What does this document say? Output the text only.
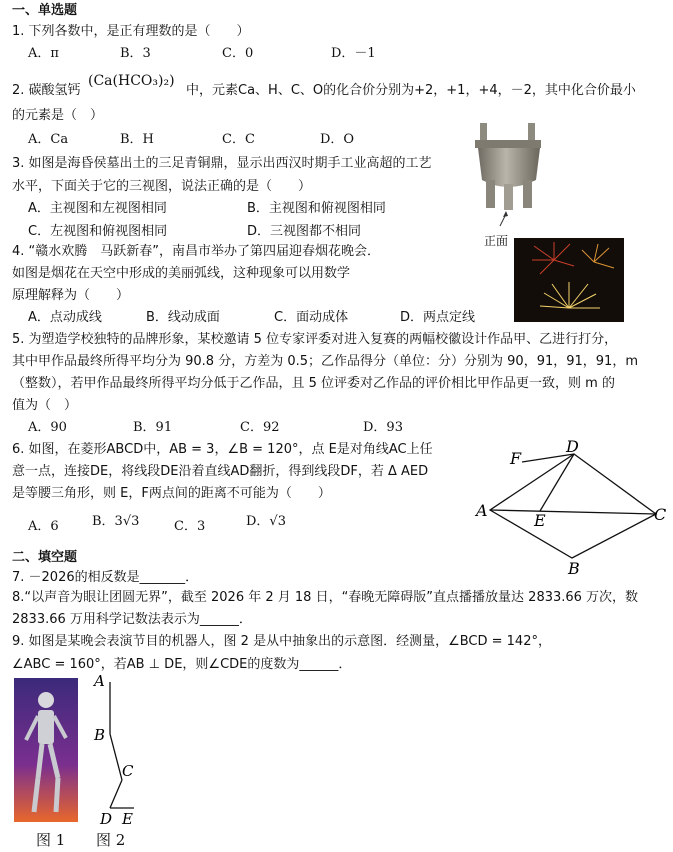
一、单选题
1. 下列各数中，是正有理数的是（　　）
A．π	B．3	C．0	D．－1
2. 碳酸氢钙
(Ca(HCO₃)₂)
中，元素Ca、H、C、O的化合价分别为+2，+1，+4，－2，其中化合价最小
的元素是（　）
A．Ca	B．H	C．C	D．O
3. 如图是海昏侯墓出土的三足青铜鼎，显示出西汉时期手工业高超的工艺
水平，下面关于它的三视图，说法正确的是（　　）
A．主视图和左视图相同	B．主视图和俯视图相同
C．左视图和俯视图相同	D．三视图都不相同
正面
4. “赣水欢腾　马跃新春”，南昌市举办了第四届迎春烟花晚会．
如图是烟花在天空中形成的美丽弧线，这种现象可以用数学
原理解释为（　　）
A．点动成线	B．线动成面	C．面动成体	D．两点定线
5. 为塑造学校独特的品牌形象，某校邀请 5 位专家评委对进入复赛的两幅校徽设计作品甲、乙进行打分，
其中甲作品最终所得平均分为 90.8 分，方差为 0.5；乙作品得分（单位：分）分别为 90，91，91，91，m
（整数），若甲作品最终所得平均分低于乙作品，且 5 位评委对乙作品的评价相比甲作品更一致，则 m 的
值为（　）
A．90	B．91	C．92	D．93
6. 如图，在菱形ABCD中，AB = 3，∠B = 120°，点 E是对角线AC上任
意一点，连接DE，将线段DE沿着直线AD翻折，得到线段DF，若 Δ AED
是等腰三角形，则 E，F两点间的距离不可能为（　　）
A．6	B．3√3	C．3	D．√3
F
D
A
E	C
B
二、填空题
7. －2026的相反数是_______．
8.“以声音为眼让团圆无界”，截至 2026 年 2 月 18 日，“春晚无障碍版”直点播播放量达 2833.66 万次，数
2833.66 万用科学记数法表示为______．
9. 如图是某晚会表演节目的机器人，图 2 是从中抽象出的示意图．经测量，∠BCD = 142°，
∠ABC = 160°，若AB ⊥ DE，则∠CDE的度数为______．
A
B
C
D E
图 1 图 2
